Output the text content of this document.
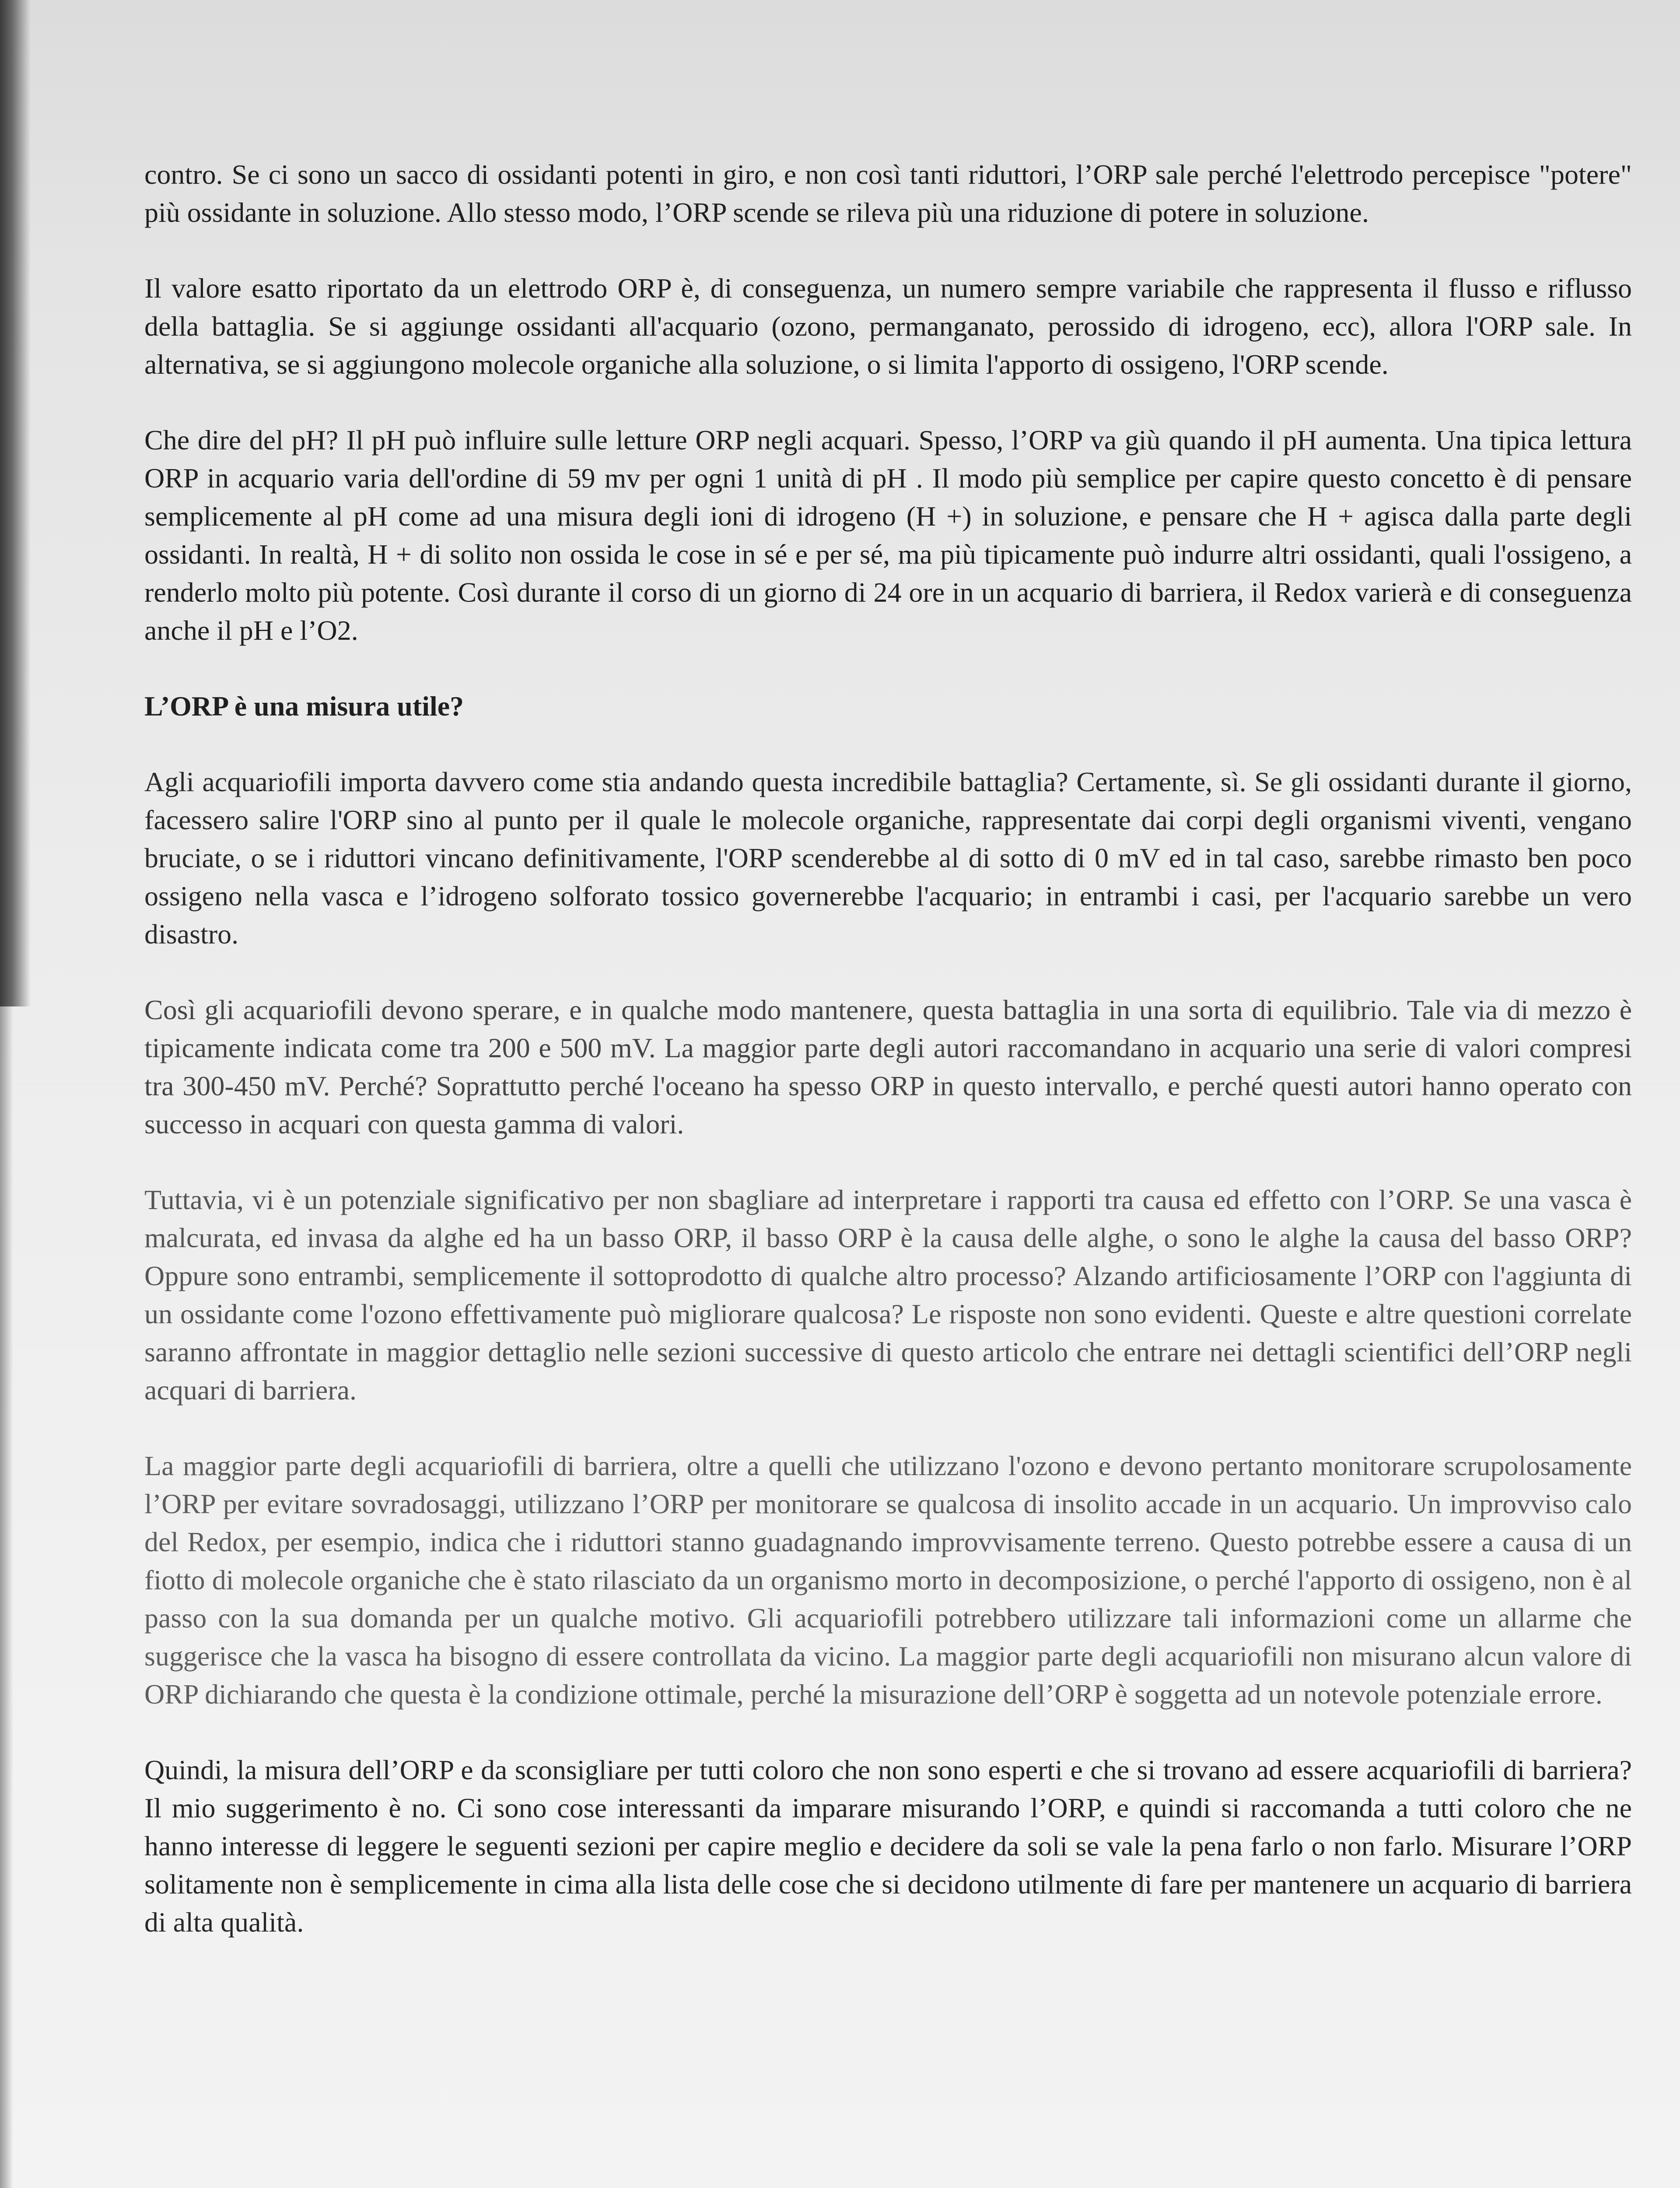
contro. Se ci sono un sacco di ossidanti potenti in giro, e non così tanti riduttori, l’ORP sale perché l'elettrodo percepisce "potere" più ossidante in soluzione. Allo stesso modo, l’ORP scende se rileva più una riduzione di potere in soluzione.

Il valore esatto riportato da un elettrodo ORP è, di conseguenza, un numero sempre variabile che rappresenta il flusso e riflusso della battaglia. Se si aggiunge ossidanti all'acquario (ozono, permanganato, perossido di idrogeno, ecc), allora l'ORP sale. In alternativa, se si aggiungono molecole organiche alla soluzione, o si limita l'apporto di ossigeno, l'ORP scende.

Che dire del pH? Il pH può influire sulle letture ORP negli acquari. Spesso, l’ORP va giù quando il pH aumenta. Una tipica lettura ORP in acquario varia dell'ordine di 59 mv per ogni 1 unità di pH . Il modo più semplice per capire questo concetto è di pensare semplicemente al pH come ad una misura degli ioni di idrogeno (H +) in soluzione, e pensare che H + agisca dalla parte degli ossidanti. In realtà, H + di solito non ossida le cose in sé e per sé, ma più tipicamente può indurre altri ossidanti, quali l'ossigeno, a renderlo molto più potente. Così durante il corso di un giorno di 24 ore in un acquario di barriera, il Redox varierà e di conseguenza anche il pH e l’O2.

L’ORP è una misura utile?

Agli acquariofili importa davvero come stia andando questa incredibile battaglia? Certamente, sì. Se gli ossidanti durante il giorno, facessero salire l'ORP sino al punto per il quale le molecole organiche, rappresentate dai corpi degli organismi viventi, vengano bruciate, o se i riduttori vincano definitivamente, l'ORP scenderebbe al di sotto di 0 mV ed in tal caso, sarebbe rimasto ben poco ossigeno nella vasca e l’idrogeno solforato tossico governerebbe l'acquario; in entrambi i casi, per l'acquario sarebbe un vero disastro.

Così gli acquariofili devono sperare, e in qualche modo mantenere, questa battaglia in una sorta di equilibrio. Tale via di mezzo è tipicamente indicata come tra 200 e 500 mV. La maggior parte degli autori raccomandano in acquario una serie di valori compresi tra 300-450 mV. Perché? Soprattutto perché l'oceano ha spesso ORP in questo intervallo, e perché questi autori hanno operato con successo in acquari con questa gamma di valori.

Tuttavia, vi è un potenziale significativo per non sbagliare ad interpretare i rapporti tra causa ed effetto con l’ORP. Se una vasca è malcurata, ed invasa da alghe ed ha un basso ORP, il basso ORP è la causa delle alghe, o sono le alghe la causa del basso ORP? Oppure sono entrambi, semplicemente il sottoprodotto di qualche altro processo? Alzando artificiosamente l’ORP con l'aggiunta di un ossidante come l'ozono effettivamente può migliorare qualcosa? Le risposte non sono evidenti. Queste e altre questioni correlate saranno affrontate in maggior dettaglio nelle sezioni successive di questo articolo che entrare nei dettagli scientifici dell’ORP negli acquari di barriera.

La maggior parte degli acquariofili di barriera, oltre a quelli che utilizzano l'ozono e devono pertanto monitorare scrupolosamente l’ORP per evitare sovradosaggi, utilizzano l’ORP per monitorare se qualcosa di insolito accade in un acquario. Un improvviso calo del Redox, per esempio, indica che i riduttori stanno guadagnando improvvisamente terreno. Questo potrebbe essere a causa di un fiotto di molecole organiche che è stato rilasciato da un organismo morto in decomposizione, o perché l'apporto di ossigeno, non è al passo con la sua domanda per un qualche motivo. Gli acquariofili potrebbero utilizzare tali informazioni come un allarme che suggerisce che la vasca ha bisogno di essere controllata da vicino. La maggior parte degli acquariofili non misurano alcun valore di ORP dichiarando che questa è la condizione ottimale, perché la misurazione dell’ORP è soggetta ad un notevole potenziale errore.

Quindi, la misura dell’ORP e da sconsigliare per tutti coloro che non sono esperti e che si trovano ad essere acquariofili di barriera? Il mio suggerimento è no. Ci sono cose interessanti da imparare misurando l’ORP, e quindi si raccomanda a tutti coloro che ne hanno interesse di leggere le seguenti sezioni per capire meglio e decidere da soli se vale la pena farlo o non farlo. Misurare l’ORP solitamente non è semplicemente in cima alla lista delle cose che si decidono utilmente di fare per mantenere un acquario di barriera di alta qualità.
